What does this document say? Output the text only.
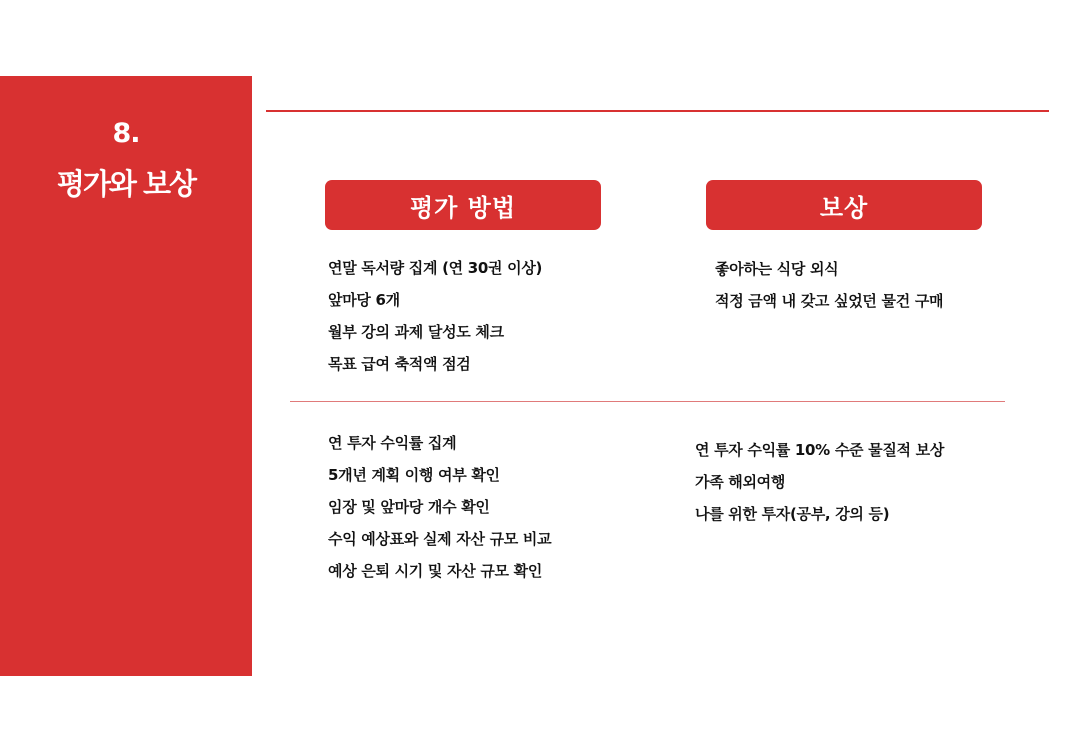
8.
평가와 보상
평가 방법	보상
연말 독서량 집계 (연 30권 이상)
앞마당 6개
월부 강의 과제 달성도 체크
목표 급여 축적액 점검
좋아하는 식당 외식
적정 금액 내 갖고 싶었던 물건 구매
연 투자 수익률 집계
5개년 계획 이행 여부 확인
임장 및 앞마당 개수 확인
수익 예상표와 실제 자산 규모 비교
예상 은퇴 시기 및 자산 규모 확인
연 투자 수익률 10% 수준 물질적 보상
가족 해외여행
나를 위한 투자(공부, 강의 등)
